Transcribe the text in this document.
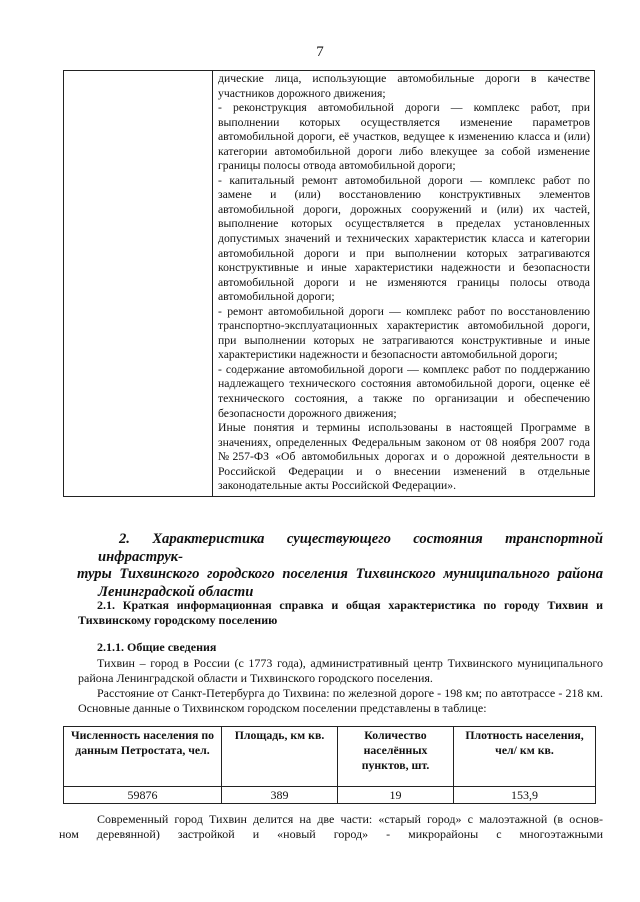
7

дические лица, использующие автомобильные дороги в качестве участников дорожного движения;

- реконструкция автомобильной дороги — комплекс работ, при выполнении которых осуществляется изменение параметров автомобильной дороги, её участков, ведущее к изменению класса и (или) категории автомобильной дороги либо влекущее за собой изменение границы полосы отвода автомобильной дороги;

- капитальный ремонт автомобильной дороги — комплекс работ по замене и (или) восстановлению конструктивных элементов автомобильной дороги, дорожных сооружений и (или) их частей, выполнение которых осуществляется в пределах установленных допустимых значений и технических характеристик класса и категории автомобильной дороги и при выполнении которых затрагиваются конструктивные и иные характеристики надежности и безопасности автомобильной дороги и не изменяются границы полосы отвода автомобильной дороги;

- ремонт автомобильной дороги — комплекс работ по восстановлению транспортно-эксплуатационных характеристик автомобильной дороги, при выполнении которых не затрагиваются конструктивные и иные характеристики надежности и безопасности автомобильной дороги;

- содержание автомобильной дороги — комплекс работ по поддержанию надлежащего технического состояния автомобильной дороги, оценке её технического состояния, а также по организации и обеспечению безопасности дорожного движения;

Иные понятия и термины использованы в настоящей Программе в значениях, определенных Федеральным законом от 08 ноября 2007 года №257-ФЗ «Об автомобильных дорогах и о дорожной деятельности в Российской Федерации и о внесении изменений в отдельные законодательные акты Российской Федерации».

2. Характеристика существующего состояния транспортной инфраструк-
туры Тихвинского городского поселения Тихвинского муниципального района
Ленинградской области

2.1. Краткая информационная справка и общая характеристика по городу Тихвин и Тихвинскому городскому поселению

2.1.1. Общие сведения

Тихвин – город в России (с 1773 года), административный центр Тихвинского муниципального района Ленинградской области и Тихвинского городского поселения.

Расстояние от Санкт-Петербурга до Тихвина: по железной дороге - 198 км; по автотрассе - 218 км. Основные данные о Тихвинском городском поселении представлены в таблице:

Численность населения по данным Петростата, чел.	Площадь, км кв.	Количество населённых пунктов, шт.	Плотность населения, чел/ км кв.
59876	389	19	153,9

Современный город Тихвин делится на две части: «старый город» с малоэтажной (в основ-
ном деревянной) застройкой и «новый город» - микрорайоны с многоэтажными
